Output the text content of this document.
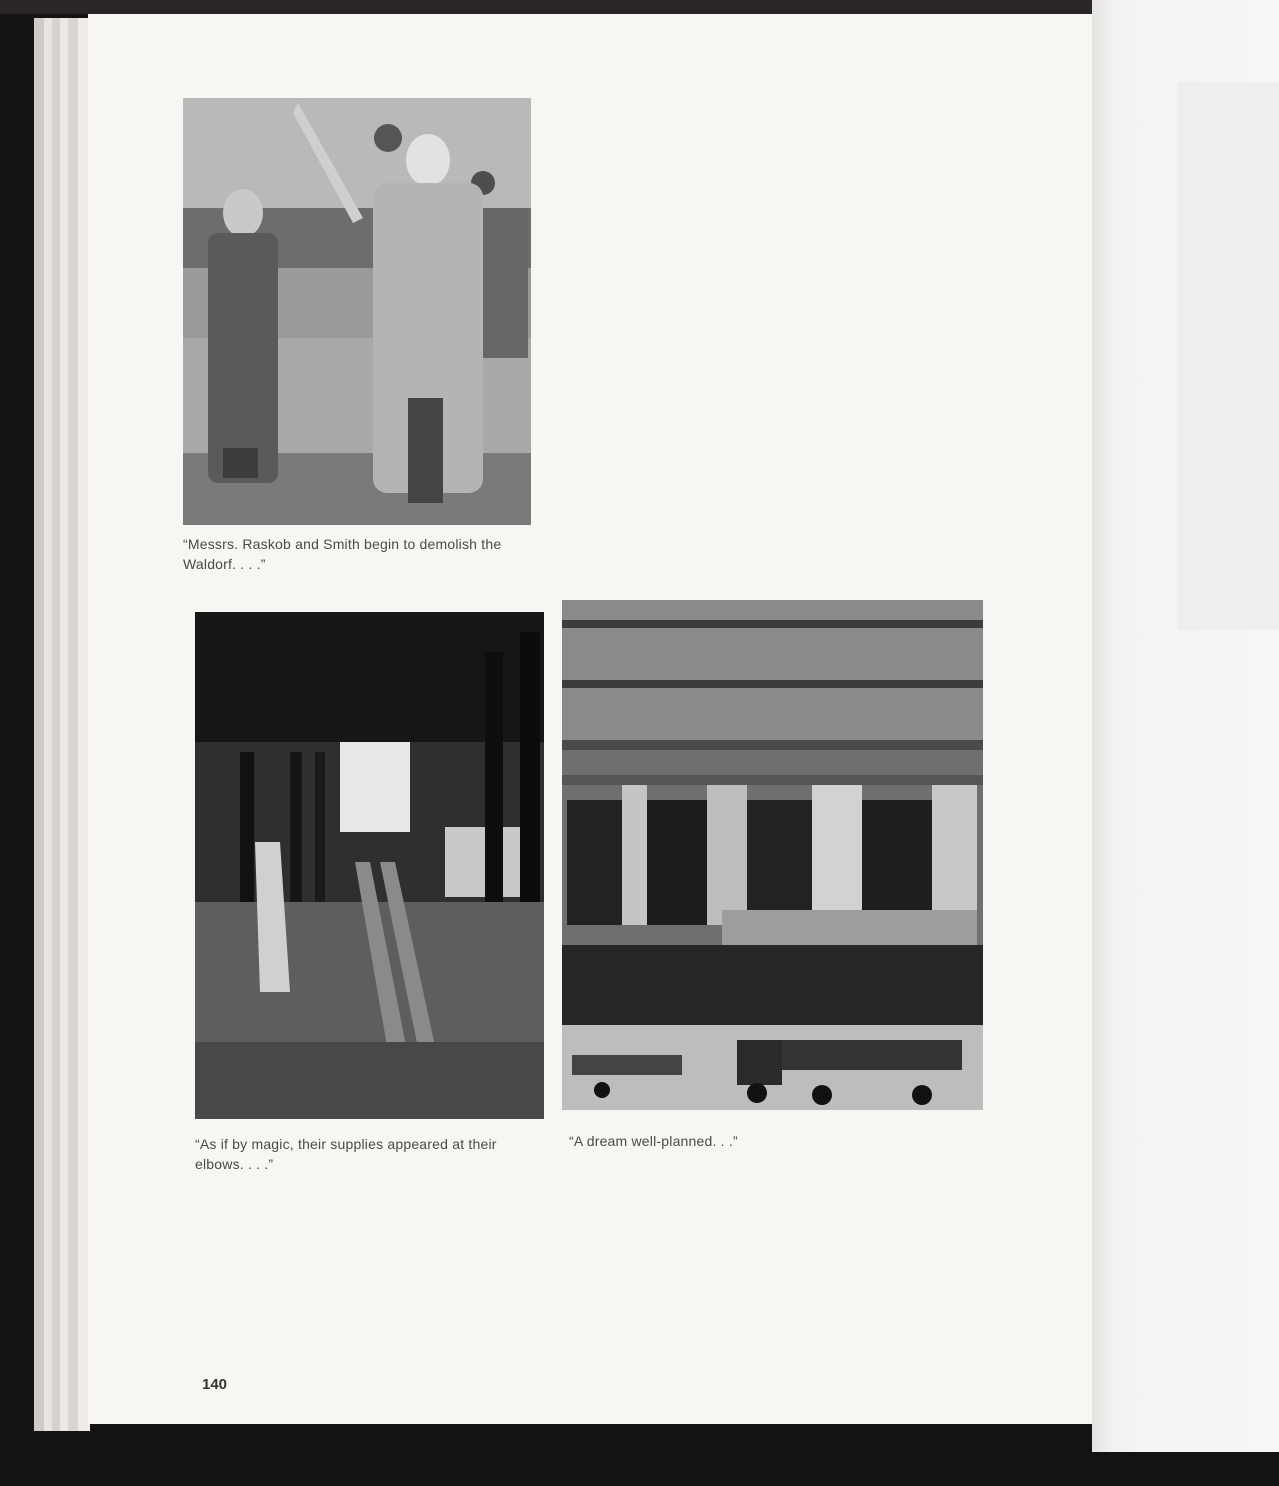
“Messrs. Raskob and Smith begin to demolish the Waldorf. . . .”
“As if by magic, their supplies appeared at their elbows. . . .”
“A dream well-planned. . .”
140
